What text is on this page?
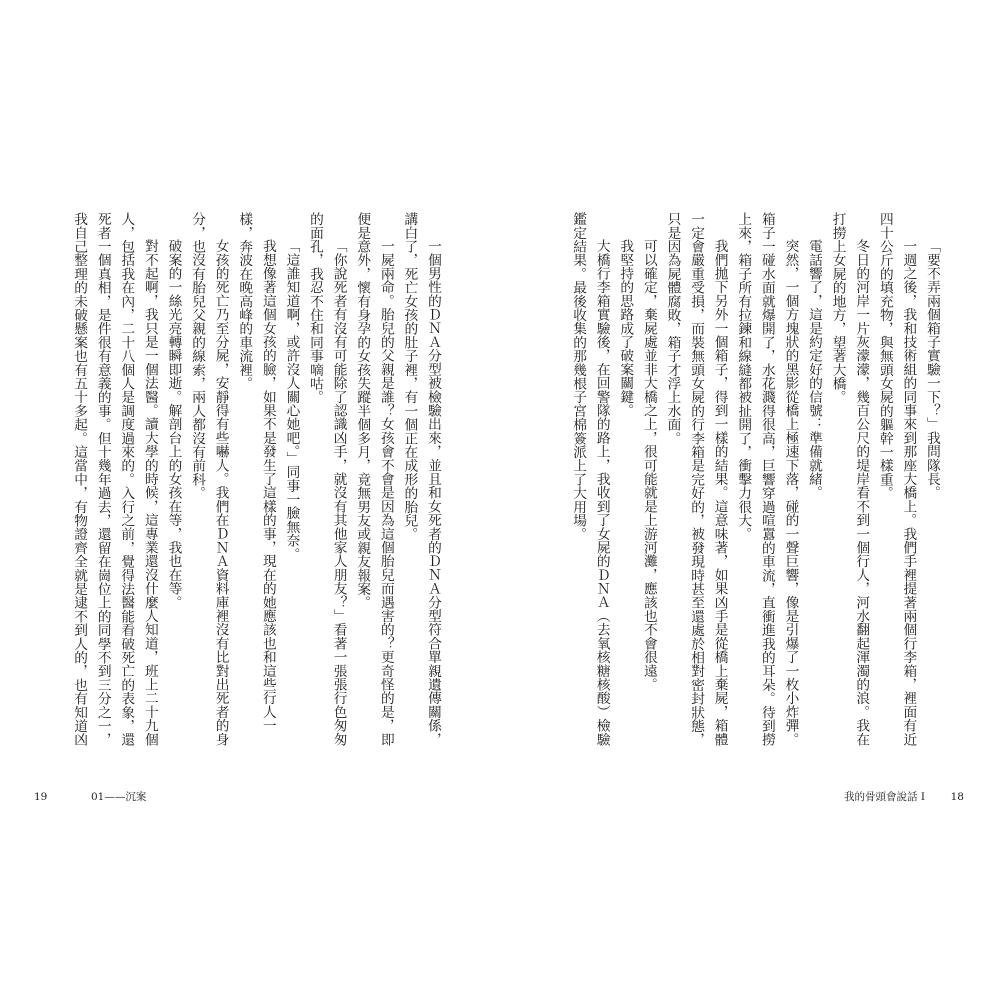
一個男性的ＤＮＡ分型被檢驗出來，並且和女死者的ＤＮＡ分型符合單親遺傳關係，
講白了，死亡女孩的肚子裡，有一個正在成形的胎兒。
一屍兩命。胎兒的父親是誰？女孩會不會是因為這個胎兒而遇害的？更奇怪的是，即
便是意外，懷有身孕的女孩失蹤半個多月，竟無男友或親友報案。
「你說死者有沒有可能除了認識凶手，就沒有其他家人朋友？」看著一張張行色匆匆
的面孔，我忍不住和同事嘀咕。
「這誰知道啊，或許沒人關心她吧。」同事一臉無奈。
我想像著這個女孩的臉，如果不是發生了這樣的事，現在的她應該也和這些行人一
樣，奔波在晚高峰的車流裡。
女孩的死亡乃至分屍，安靜得有些嚇人。我們在ＤＮＡ資料庫裡沒有比對出死者的身
分，也沒有胎兒父親的線索，兩人都沒有前科。
破案的一絲光亮轉瞬即逝。解剖台上的女孩在等，我也在等。
對不起啊，我只是一個法醫。讀大學的時候，這專業還沒什麼人知道，班上二十九個
人，包括我在內，二十八個人是調度過來的。入行之前，覺得法醫能看破死亡的表象，還
死者一個真相，是件很有意義的事。但十幾年過去，還留在崗位上的同學不到三分之一，
我自己整理的未破懸案也有五十多起。這當中，有物證齊全就是逮不到人的，也有知道凶
19	01——沉案
「要不弄兩個箱子實驗一下？」我問隊長。
一週之後，我和技術組的同事來到那座大橋上。我們手裡提著兩個行李箱，裡面有近
四十公斤的填充物，與無頭女屍的軀幹一樣重。
冬日的河岸一片灰濛濛，幾百公尺的堤岸看不到一個行人，河水翻起渾濁的浪。我在
打撈上女屍的地方，望著大橋。
電話響了，這是約定好的信號：準備就緒。
突然，一個方塊狀的黑影從橋上極速下落，碰的一聲巨響，像是引爆了一枚小炸彈。
箱子一碰水面就爆開了，水花濺得很高，巨響穿過喧囂的車流，直衝進我的耳朵。待到撈
上來，箱子所有拉鍊和線縫都被扯開了，衝擊力很大。
我們拋下另外一個箱子，得到一樣的結果。這意味著，如果凶手是從橋上棄屍，箱體
一定會嚴重受損，而裝無頭女屍的行李箱是完好的，被發現時甚至還處於相對密封狀態，
只是因為屍體腐敗，箱子才浮上水面。
可以確定，棄屍處並非大橋之上，很可能就是上游河灘，應該也不會很遠。
我堅持的思路成了破案關鍵。
大橋行李箱實驗後，在回警隊的路上，我收到了女屍的ＤＮＡ（去氧核糖核酸）檢驗
鑑定結果。最後收集的那幾根子宮棉簽派上了大用場。
我的骨頭會說話 I 18
